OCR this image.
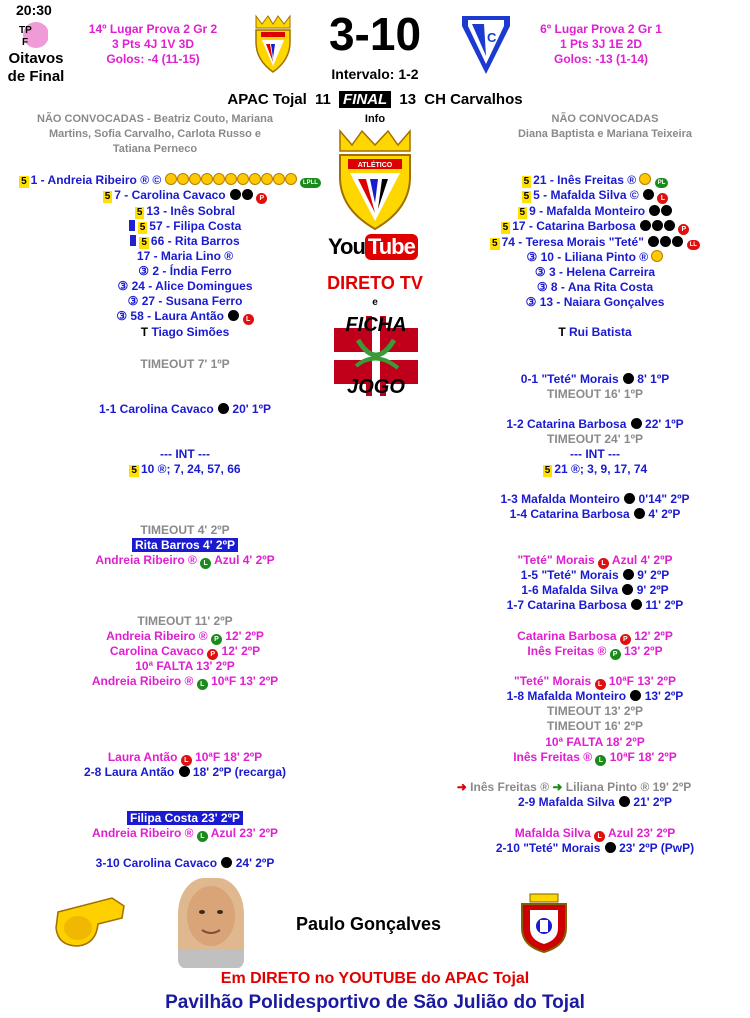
20:30
TP
F
Oitavos
de Final
14º Lugar Prova 2 Gr 2
3 Pts 4J 1V 3D
Golos: -4 (11-15)	3-10
Intervalo: 1-2
C
6º Lugar Prova 2 Gr 1
1 Pts 3J 1E 2D
Golos: -13 (1-14)
APAC Tojal 11 FINAL 13 CH Carvalhos
NÃO CONVOCADAS - Beatriz Couto, Mariana Martins, Sofia Carvalho, Carlota Russo e Tatiana Perneco
NÃO CONVOCADAS
Diana Baptista e Mariana Teixeira
Info
ATLÉTICO
You Tube
DIRETO TV
e
FICHA
JOGO
5 1 - Andreia Ribeiro ® ©	LPLL
5 7 - Carolina Cavaco	P
5 13 - Inês Sobral
5 57 - Filipa Costa
5 66 - Rita Barros
17 - Maria Lino ®
③ 2 - Índia Ferro
③ 24 - Alice Domingues
③ 27 - Susana Ferro
③ 58 - Laura Antão	L
T Tiago Simões
5 21 - Inês Freitas ®	PL
5 5 - Mafalda Silva ©	L
5 9 - Mafalda Monteiro
5 17 - Catarina Barbosa	P
5 74 - Teresa Morais "Teté"	LL
③ 10 - Liliana Pinto ®
③ 3 - Helena Carreira
③ 8 - Ana Rita Costa
③ 13 - Naiara Gonçalves
T Rui Batista
TIMEOUT 7' 1ºP
1-1 Carolina Cavaco  20' 1ºP
--- INT ---
5 10 ®; 7, 24, 57, 66
TIMEOUT 4' 2ºP
Rita Barros 4' 2ºP
Andreia Ribeiro ® L Azul 4' 2ºP
TIMEOUT 11' 2ºP
Andreia Ribeiro ® P 12' 2ºP
Carolina Cavaco P 12' 2ºP
10ª FALTA 13' 2ºP
Andreia Ribeiro ® L 10ªF 13' 2ºP
Laura Antão L 10ªF 18' 2ºP
2-8 Laura Antão  18' 2ºP (recarga)
Filipa Costa 23' 2ºP
Andreia Ribeiro ® L Azul 23' 2ºP
3-10 Carolina Cavaco  24' 2ºP
0-1 "Teté" Morais  8' 1ºP
TIMEOUT 16' 1ºP
1-2 Catarina Barbosa  22' 1ºP
TIMEOUT 24' 1ºP
--- INT ---
5 21 ®; 3, 9, 17, 74
1-3 Mafalda Monteiro  0'14" 2ºP
1-4 Catarina Barbosa  4' 2ºP
"Teté" Morais L Azul 4' 2ºP
1-5 "Teté" Morais  9' 2ºP
1-6 Mafalda Silva  9' 2ºP
1-7 Catarina Barbosa  11' 2ºP
Catarina Barbosa P 12' 2ºP
Inês Freitas ® P 13' 2ºP
"Teté" Morais L 10ªF 13' 2ºP
1-8 Mafalda Monteiro  13' 2ºP
TIMEOUT 13' 2ºP
TIMEOUT 16' 2ºP
10ª FALTA 18' 2ºP
Inês Freitas ® L 10ªF 18' 2ºP
➜ Inês Freitas ® ➜ Liliana Pinto ® 19' 2ºP
2-9 Mafalda Silva  21' 2ºP
Mafalda Silva L Azul 23' 2ºP
2-10 "Teté" Morais  23' 2ºP (PwP)
Paulo Gonçalves
Em DIRETO no YOUTUBE do APAC Tojal
Pavilhão Polidesportivo de São Julião do Tojal
